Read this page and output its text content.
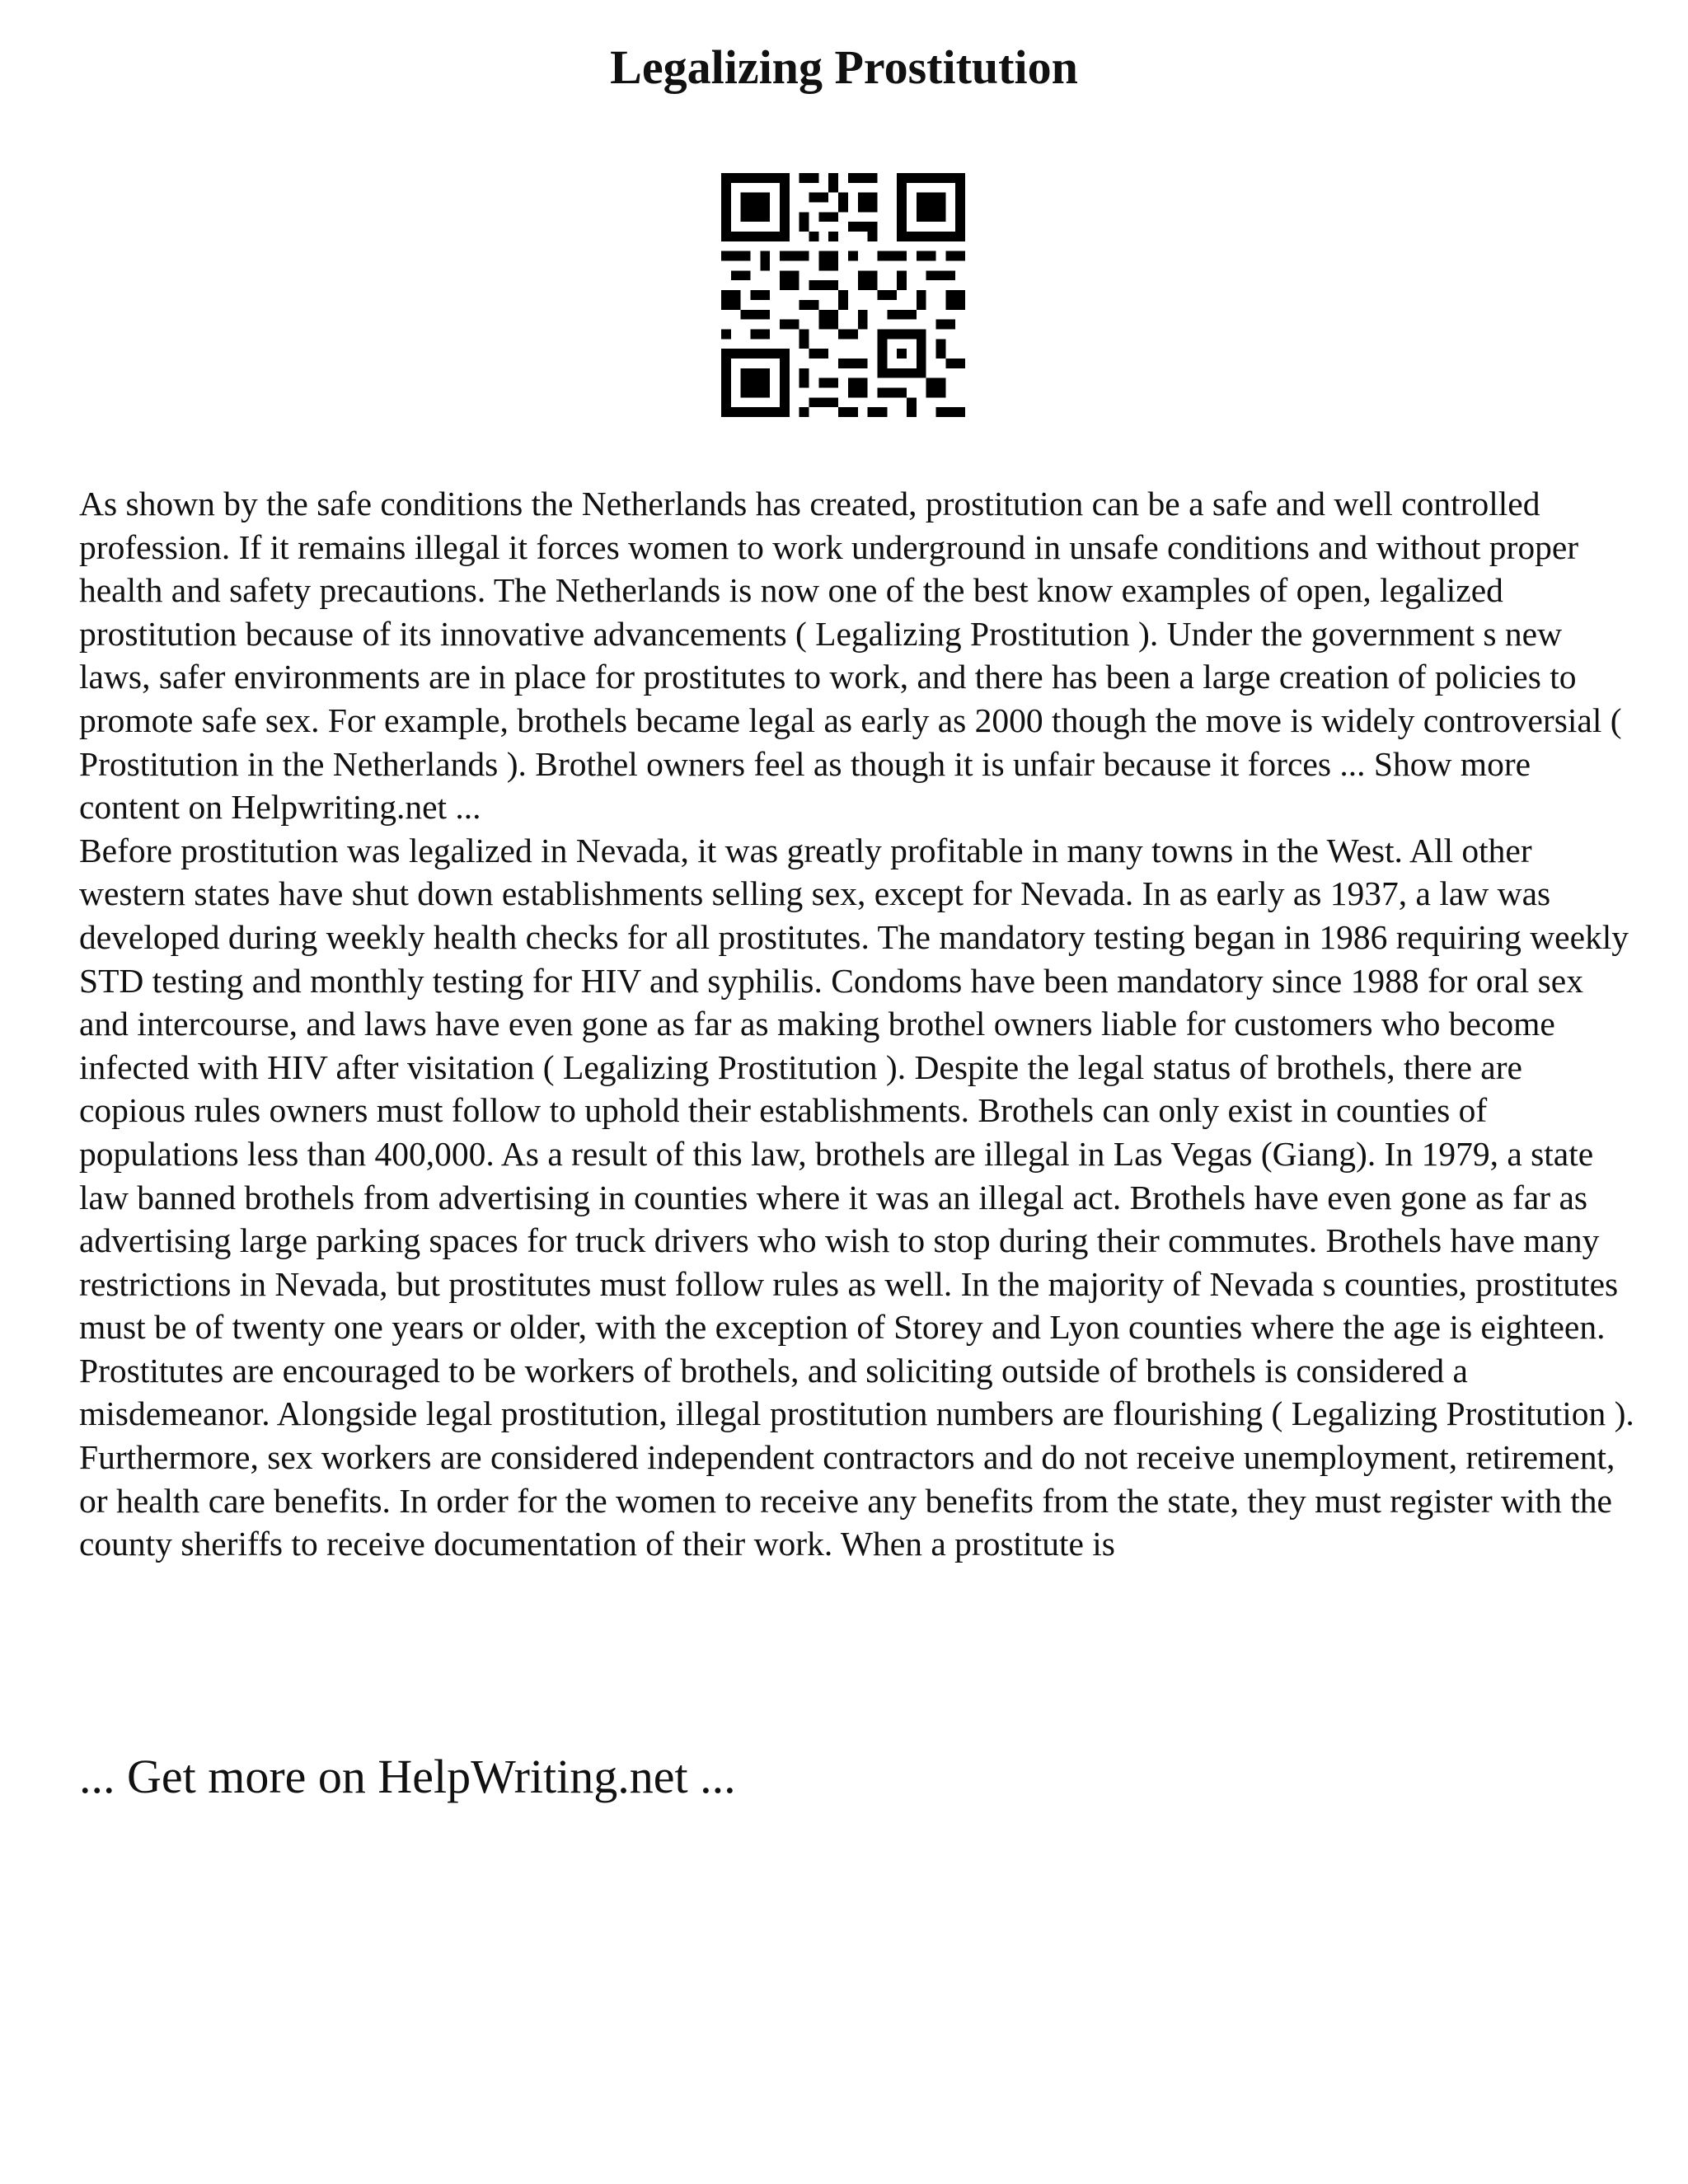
Legalizing Prostitution

As shown by the safe conditions the Netherlands has created, prostitution can be a safe and well controlled profession. If it remains illegal it forces women to work underground in unsafe conditions and without proper health and safety precautions. The Netherlands is now one of the best know examples of open, legalized prostitution because of its innovative advancements ( Legalizing Prostitution ). Under the government s new laws, safer environments are in place for prostitutes to work, and there has been a large creation of policies to promote safe sex. For example, brothels became legal as early as 2000 though the move is widely controversial ( Prostitution in the Netherlands ). Brothel owners feel as though it is unfair because it forces ... Show more content on Helpwriting.net ...

Before prostitution was legalized in Nevada, it was greatly profitable in many towns in the West. All other western states have shut down establishments selling sex, except for Nevada. In as early as 1937, a law was developed during weekly health checks for all prostitutes. The mandatory testing began in 1986 requiring weekly STD testing and monthly testing for HIV and syphilis. Condoms have been mandatory since 1988 for oral sex and intercourse, and laws have even gone as far as making brothel owners liable for customers who become infected with HIV after visitation ( Legalizing Prostitution ). Despite the legal status of brothels, there are copious rules owners must follow to uphold their establishments. Brothels can only exist in counties of populations less than 400,000. As a result of this law, brothels are illegal in Las Vegas (Giang). In 1979, a state law banned brothels from advertising in counties where it was an illegal act. Brothels have even gone as far as advertising large parking spaces for truck drivers who wish to stop during their commutes. Brothels have many restrictions in Nevada, but prostitutes must follow rules as well. In the majority of Nevada s counties, prostitutes must be of twenty one years or older, with the exception of Storey and Lyon counties where the age is eighteen. Prostitutes are encouraged to be workers of brothels, and soliciting outside of brothels is considered a misdemeanor. Alongside legal prostitution, illegal prostitution numbers are flourishing ( Legalizing Prostitution ). Furthermore, sex workers are considered independent contractors and do not receive unemployment, retirement, or health care benefits. In order for the women to receive any benefits from the state, they must register with the county sheriffs to receive documentation of their work. When a prostitute is

... Get more on HelpWriting.net ...
